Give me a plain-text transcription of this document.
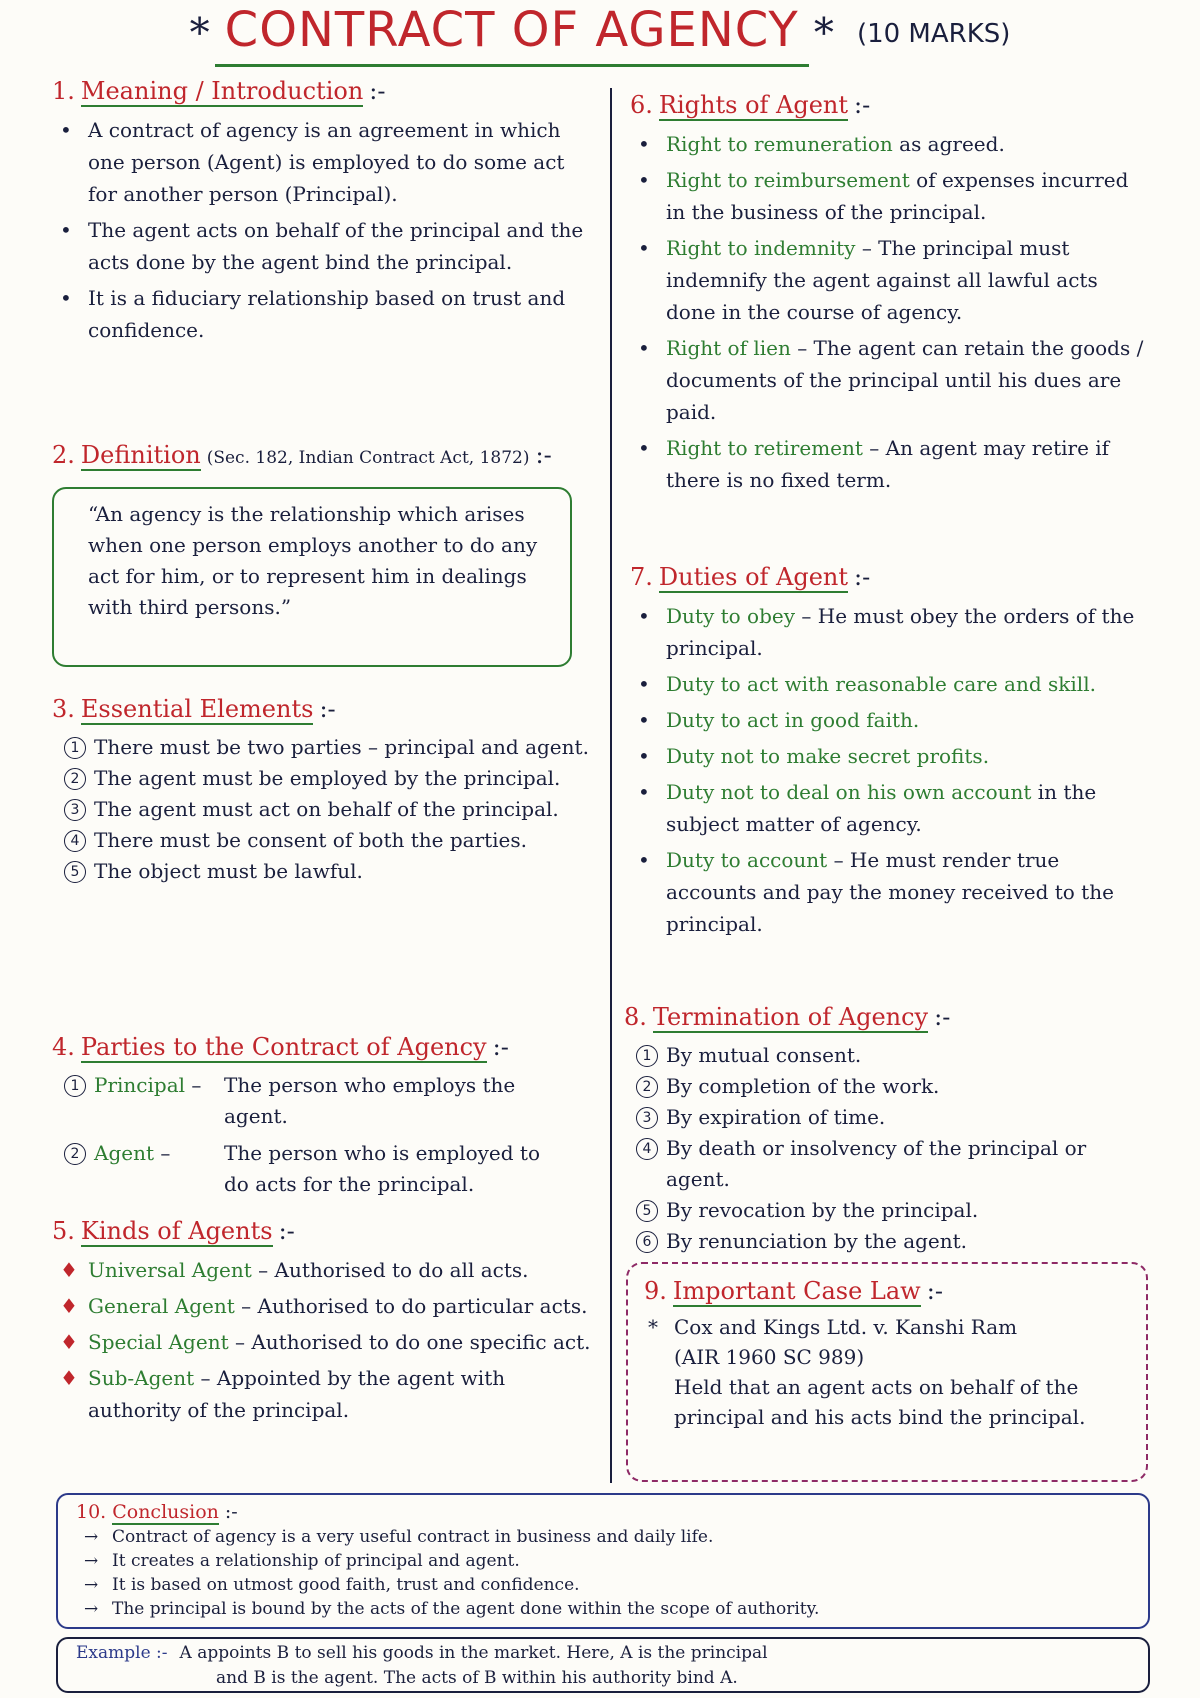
* CONTRACT OF AGENCY * (10 MARKS)
1. Meaning / Introduction :-
• A contract of agency is an agreement in which one person (Agent) is employed to do some act for another person (Principal).
• The agent acts on behalf of the principal and the acts done by the agent bind the principal.
• It is a fiduciary relationship based on trust and confidence.
2. Definition (Sec. 182, Indian Contract Act, 1872) :-
“An agency is the relationship which arises when one person employs another to do any act for him, or to represent him in dealings with third persons.”
3. Essential Elements :-
1 There must be two parties – principal and agent.
2 The agent must be employed by the principal.
3 The agent must act on behalf of the principal.
4 There must be consent of both the parties.
5 The object must be lawful.
4. Parties to the Contract of Agency :-
1 Principal – The person who employs the agent.
2 Agent –	The person who is employed to do acts for the principal.
5. Kinds of Agents :-
♦ Universal Agent – Authorised to do all acts.
♦ General Agent – Authorised to do particular acts.
♦ Special Agent – Authorised to do one specific act.
♦ Sub-Agent – Appointed by the agent with authority of the principal.
6. Rights of Agent :-
• Right to remuneration as agreed.
• Right to reimbursement of expenses incurred in the business of the principal.
• Right to indemnity – The principal must indemnify the agent against all lawful acts done in the course of agency.
• Right of lien – The agent can retain the goods / documents of the principal until his dues are paid.
• Right to retirement – An agent may retire if there is no fixed term.
7. Duties of Agent :-
• Duty to obey – He must obey the orders of the principal.
• Duty to act with reasonable care and skill.
• Duty to act in good faith.
• Duty not to make secret profits.
• Duty not to deal on his own account in the subject matter of agency.
• Duty to account – He must render true accounts and pay the money received to the principal.
8. Termination of Agency :-
1 By mutual consent.
2 By completion of the work.
3 By expiration of time.
4 By death or insolvency of the principal or agent.
5 By revocation by the principal.
6 By renunciation by the agent.
9. Important Case Law :-
* Cox and Kings Ltd. v. Kanshi Ram
(AIR 1960 SC 989)
Held that an agent acts on behalf of the principal and his acts bind the principal.
10. Conclusion :-
→ Contract of agency is a very useful contract in business and daily life.
→ It creates a relationship of principal and agent.
→ It is based on utmost good faith, trust and confidence.
→ The principal is bound by the acts of the agent done within the scope of authority.
Example :- A appoints B to sell his goods in the market. Here, A is the principal
and B is the agent. The acts of B within his authority bind A.
